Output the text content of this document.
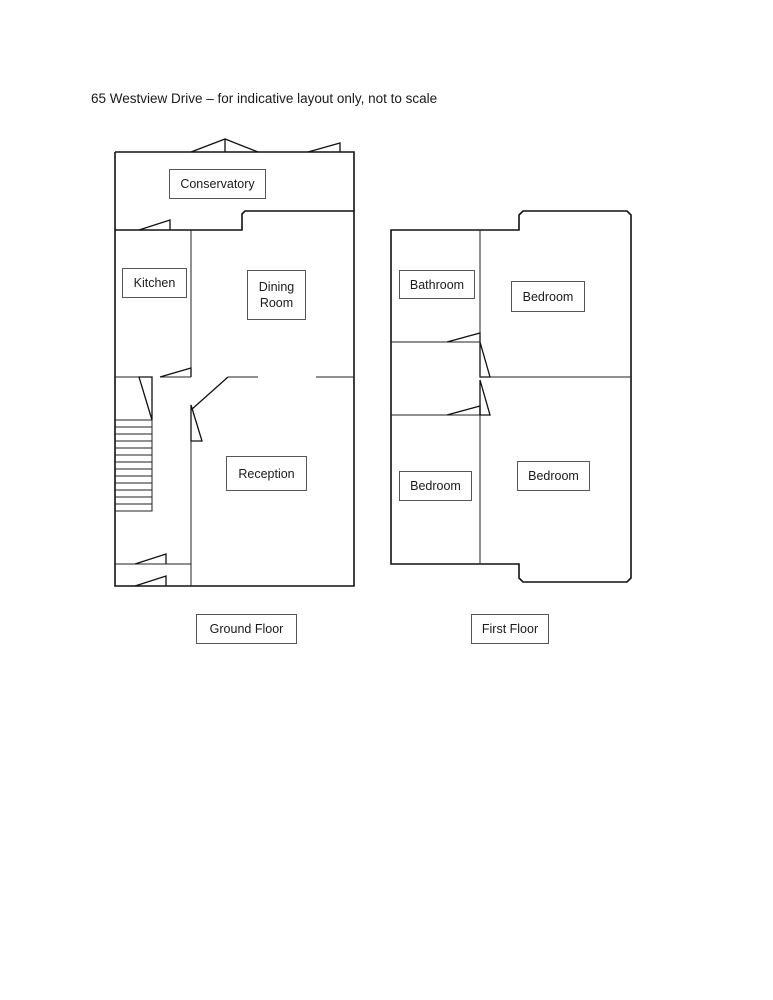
65 Westview Drive – for indicative layout only, not to scale
Conservatory
Kitchen	Dining
Room
Reception
Bathroom
Bedroom
Bedroom
Bedroom
Ground Floor	First Floor
